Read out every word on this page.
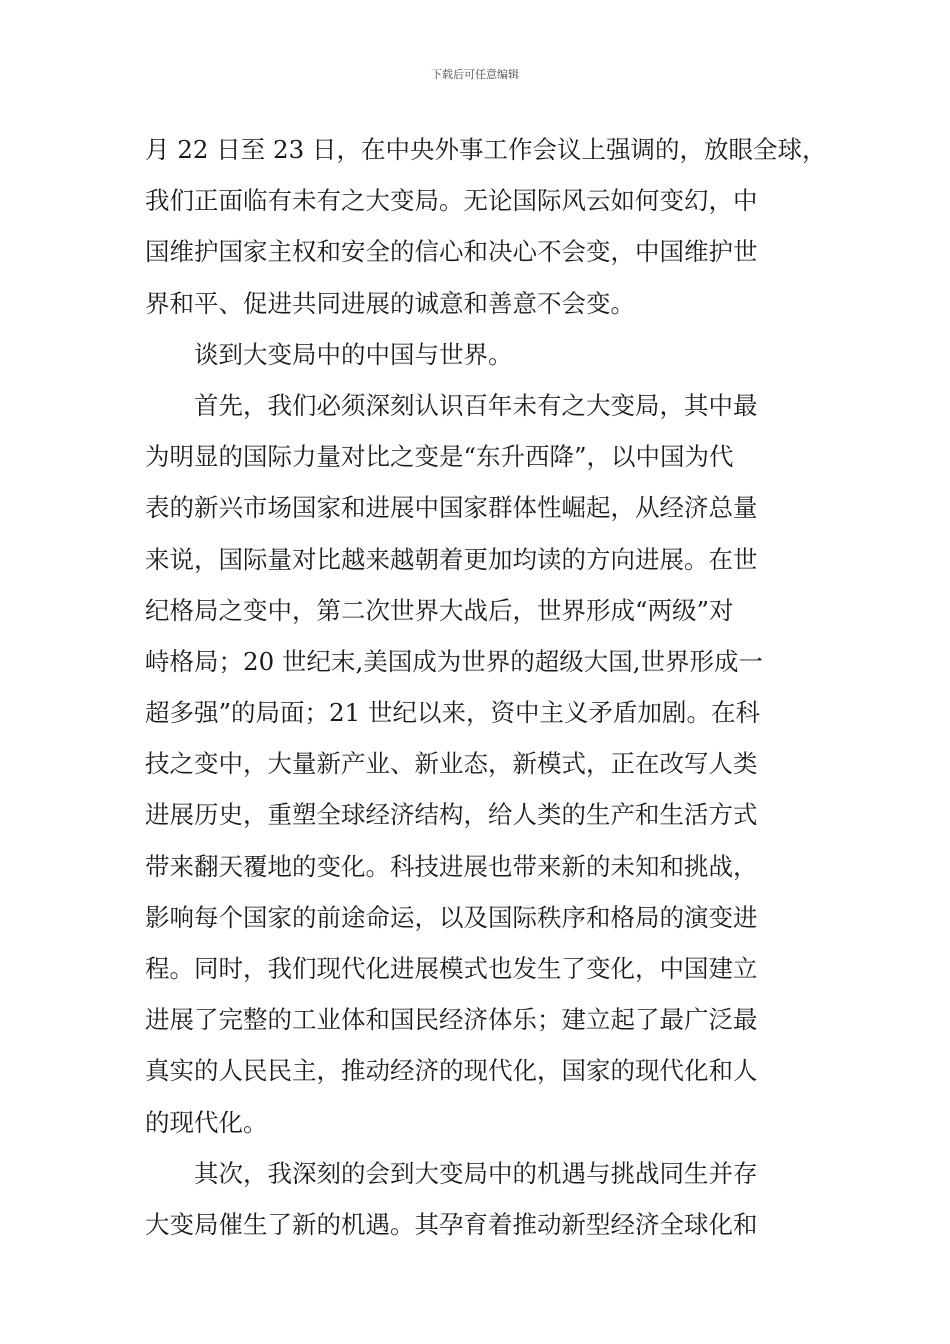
下载后可任意编辑
月 22 日至 23 日，在中央外事工作会议上强调的，放眼全球，
我们正面临有未有之大变局。无论国际风云如何变幻，中
国维护国家主权和安全的信心和决心不会变，中国维护世
界和平、促进共同进展的诚意和善意不会变。
谈到大变局中的中国与世界。
首先，我们必须深刻认识百年未有之大变局，其中最
为明显的国际力量对比之变是“东升西降”，以中国为代
表的新兴市场国家和进展中国家群体性崛起，从经济总量
来说，国际量对比越来越朝着更加均读的方向进展。在世
纪格局之变中，第二次世界大战后，世界形成“两级”对
峙格局；20 世纪末,美国成为世界的超级大国,世界形成一
超多强”的局面；21 世纪以来，资中主义矛盾加剧。在科
技之变中，大量新产业、新业态，新模式，正在改写人类
进展历史，重塑全球经济结构，给人类的生产和生活方式
带来翻天覆地的变化。科技进展也带来新的未知和挑战，
影响每个国家的前途命运，以及国际秩序和格局的演变进
程。同时，我们现代化进展模式也发生了变化，中国建立
进展了完整的工业体和国民经济体乐；建立起了最广泛最
真实的人民民主，推动经济的现代化，国家的现代化和人
的现代化。
其次，我深刻的会到大变局中的机遇与挑战同生并存
大变局催生了新的机遇。其孕育着推动新型经济全球化和
